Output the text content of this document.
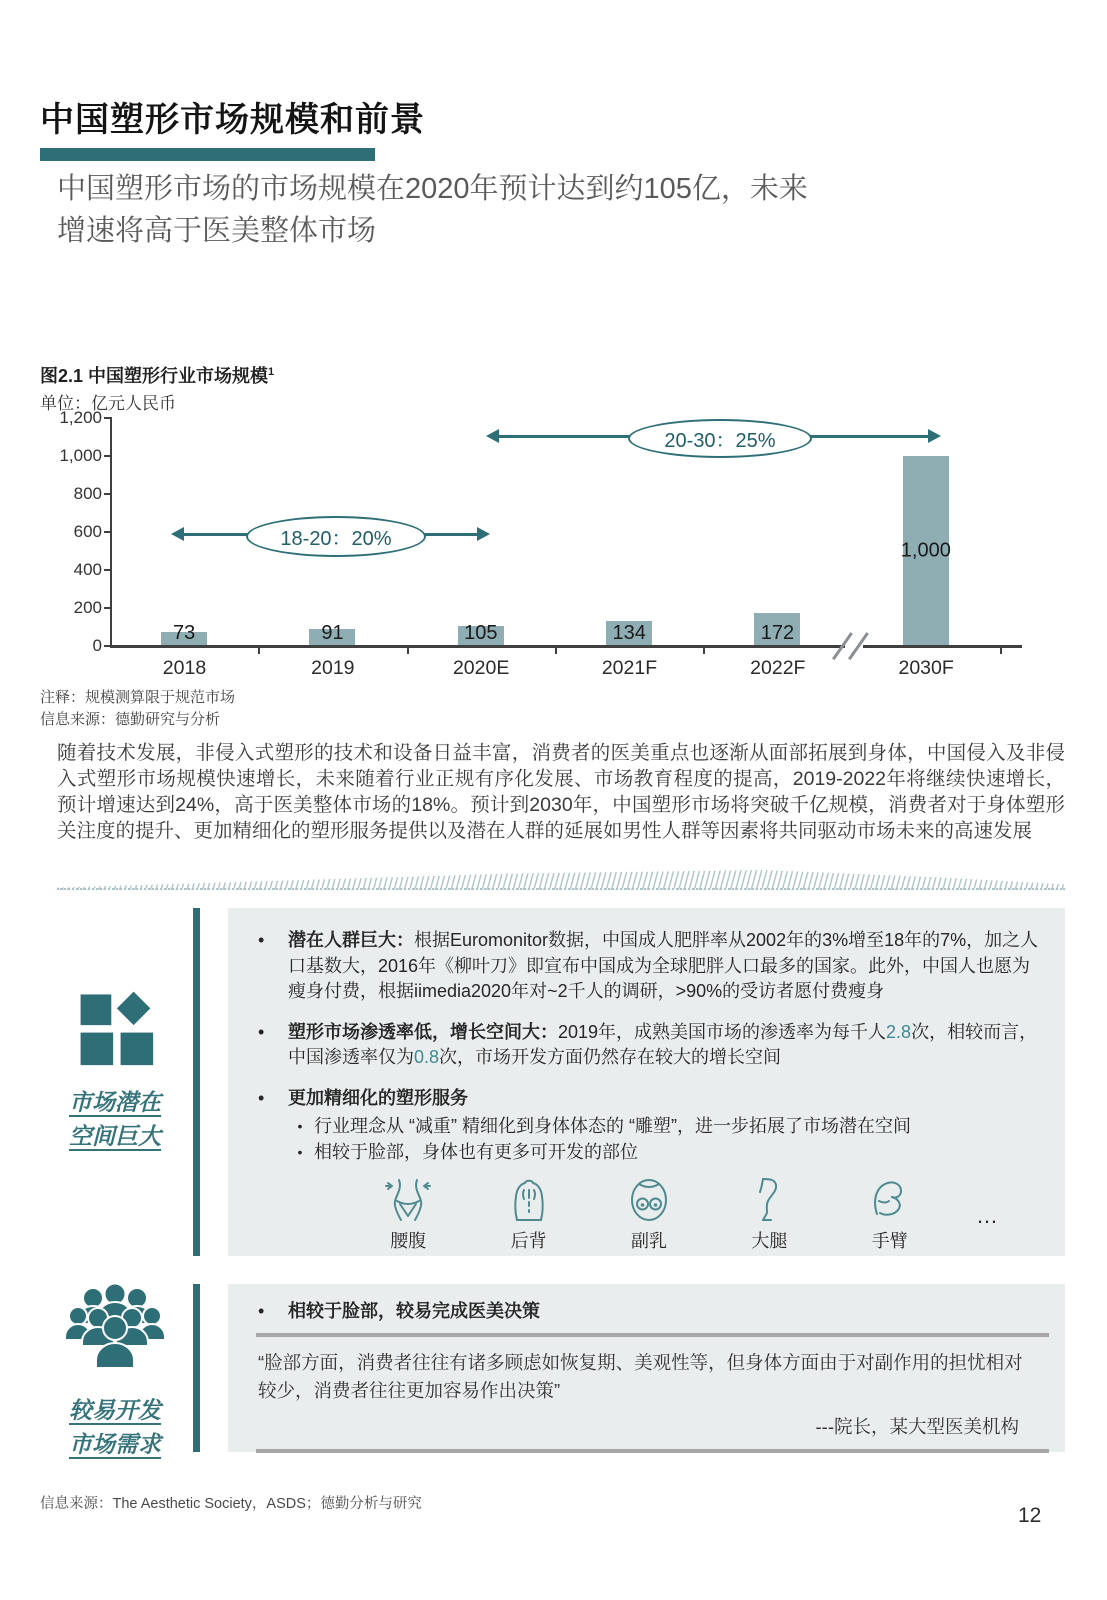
中国塑形市场规模和前景
中国塑形市场的市场规模在2020年预计达到约105亿，未来
增速将高于医美整体市场
图2.1 中国塑形行业市场规模$^1$
单位：亿元人民币
20-30：25%
18-20：20%
1,200
1,000
800
600
400
200
0
73
2018
91
2019
105
2020E
134
2021F
172
2022F
1,000
2030F
注释：规模测算限于规范市场
信息来源：德勤研究与分析
随着技术发展，非侵入式塑形的技术和设备日益丰富，消费者的医美重点也逐渐从面部拓展到身体，中国侵入及非侵入式塑形市场规模快速增长，未来随着行业正规有序化发展、市场教育程度的提高，2019-2022年将继续快速增长，预计增速达到24%，高于医美整体市场的18%。预计到2030年，中国塑形市场将突破千亿规模，消费者对于身体塑形关注度的提升、更加精细化的塑形服务提供以及潜在人群的延展如男性人群等因素将共同驱动市场未来的高速发展
市场潜在
空间巨大
•	潜在人群巨大：根据Euromonitor数据，中国成人肥胖率从2002年的3%增至18年的7%，加之人口基数大，2016年《柳叶刀》即宣布中国成为全球肥胖人口最多的国家。此外，中国人也愿为瘦身付费，根据iimedia2020年对~2千人的调研，>90%的受访者愿付费瘦身
•	塑形市场渗透率低，增长空间大：2019年，成熟美国市场的渗透率为每千人2.8次，相较而言，中国渗透率仅为0.8次，市场开发方面仍然存在较大的增长空间
•	更加精细化的塑形服务
• 行业理念从 “减重” 精细化到身体体态的 “雕塑”，进一步拓展了市场潜在空间
• 相较于脸部，身体也有更多可开发的部位
腰腹	后背	副乳	大腿	手臂
…
较易开发
市场需求
•	相较于脸部，较易完成医美决策
“脸部方面，消费者往往有诸多顾虑如恢复期、美观性等，但身体方面由于对副作用的担忧相对较少，消费者往往更加容易作出决策”
---院长，某大型医美机构
信息来源：The Aesthetic Society，ASDS；德勤分析与研究	12
